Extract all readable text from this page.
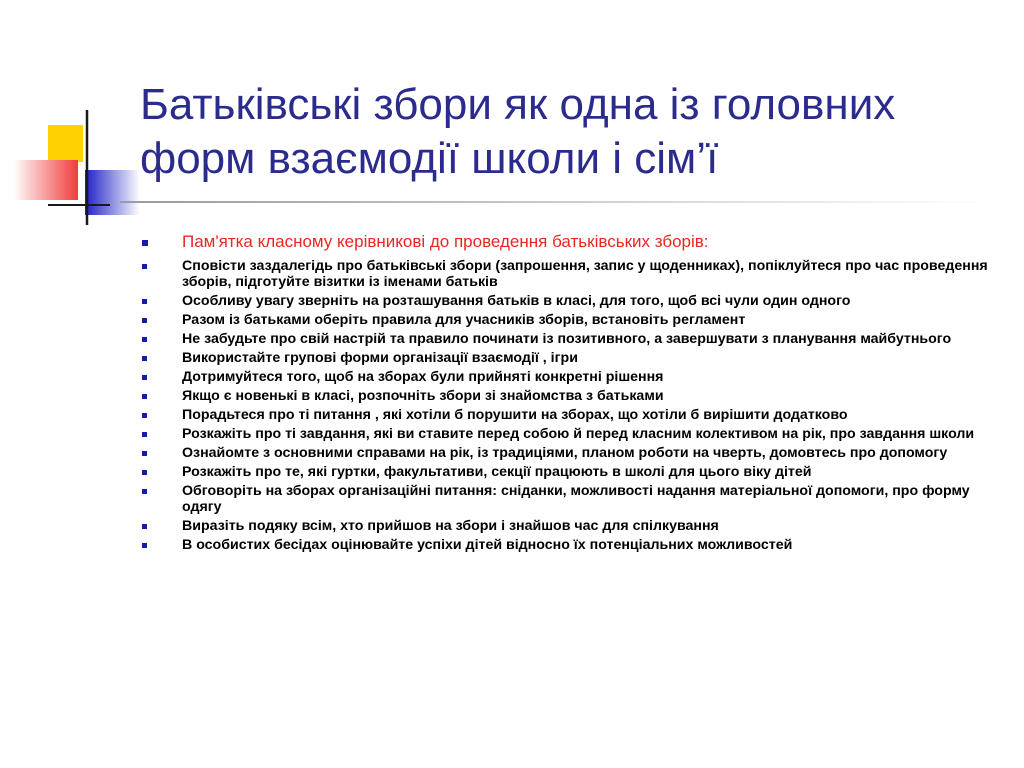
Батьківські збори як одна із головних
форм взаємодії школи і сім’ї
Пам'ятка класному керівникові до проведення батьківських зборів:
Сповісти заздалегідь про батьківські збори (запрошення, запис у щоденниках), попіклуйтеся про час проведення зборів, підготуйте візитки із іменами батьків
Особливу увагу зверніть на розташування батьків в класі, для того, щоб всі чули один одного
Разом із батьками оберіть правила для учасників зборів, встановіть регламент
Не забудьте про свій настрій та правило починати із позитивного, а завершувати з планування майбутнього
Використайте групові форми організації взаємодії , ігри
Дотримуйтеся того, щоб на зборах були прийняті конкретні рішення
Якщо є новенькі в класі, розпочніть збори зі знайомства з батьками
Порадьтеся про ті питання , які хотіли б порушити на зборах, що хотіли б вирішити додатково
Розкажіть про ті завдання, які ви ставите перед собою й перед класним колективом на рік, про завдання школи
Ознайомте з основними справами на рік, із традиціями, планом роботи на чверть, домовтесь про допомогу
Розкажіть про те, які гуртки, факультативи, секції працюють в школі для цього віку дітей
Обговоріть на зборах організаційні питання: сніданки, можливості надання матеріальної допомоги, про форму одягу
Виразіть подяку всім, хто прийшов на збори і знайшов час для спілкування
В особистих бесідах оцінювайте успіхи дітей відносно їх потенціальних можливостей
